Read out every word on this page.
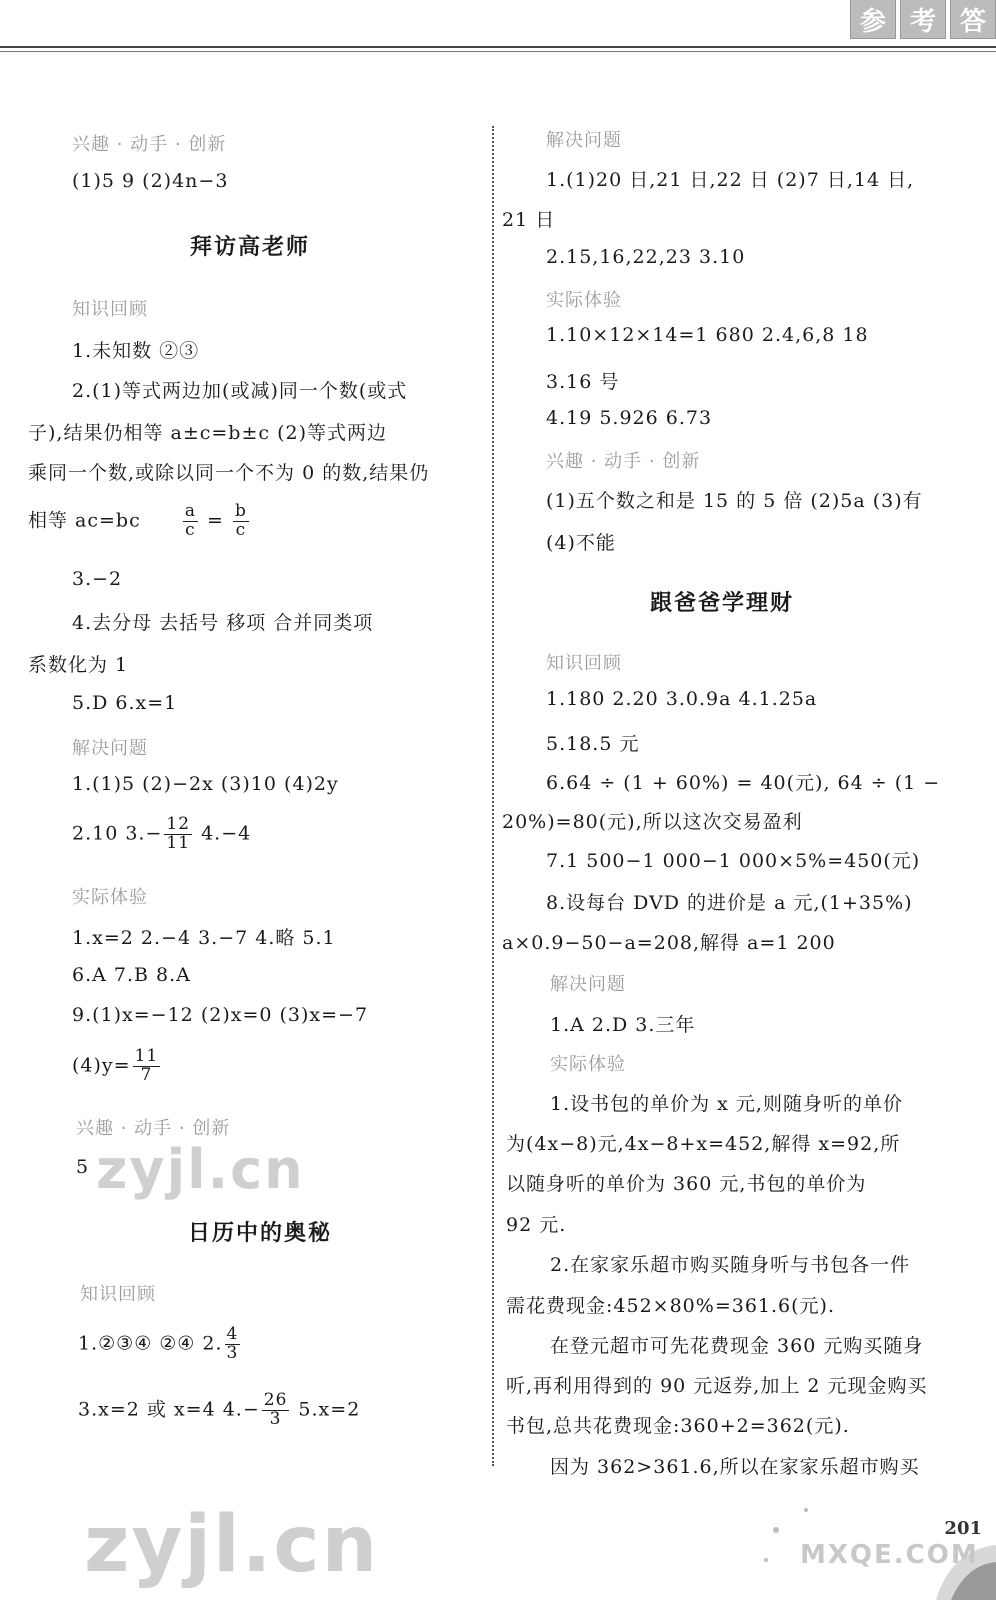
参 考 答
兴趣 · 动手 · 创新
(1)5 9 (2)4n−3
拜访高老师
知识回顾
1.未知数 ②③
2.(1)等式两边加(或减)同一个数(或式
子),结果仍相等 a±c=b±c (2)等式两边
乘同一个数,或除以同一个不为 0 的数,结果仍
相等 $ac=bc \frac{a}{c} = \frac{b}{c}$
3.−2
4.去分母 去括号 移项 合并同类项
系数化为 1
5.D 6.x=1
解决问题
1.(1)5 (2)−2x (3)10 (4)2y
2.10 $3.- \frac{12}{11} 4.-4$
实际体验
1.x=2 2.−4 3.−7 4.略 5.1
6.A 7.B 8.A
9.(1)x=−12 (2)x=0 (3)x=−7
$(4)y= \frac{11}{7}$
兴趣 · 动手 · 创新
5 zyjl.cn
日历中的奥秘
知识回顾
1.②③④ ②④ 2. $\frac{4}{3}$
3.x=2 或 x=4 $4.- \frac{26}{3} 5.x=2$
zyjl.cn
解决问题
1.(1)20 日,21 日,22 日 (2)7 日,14 日,
21 日
2.15,16,22,23 3.10
实际体验
1.10×12×14=1 680 2.4,6,8 18
3.16 号
4.19 5.926 6.73
兴趣 · 动手 · 创新
(1)五个数之和是 15 的 5 倍 (2)5a (3)有
(4)不能
跟爸爸学理财
知识回顾
1.180 2.20 3.0.9a 4.1.25a
5.18.5 元
6.64 ÷ (1 + 60%) = 40(元), 64 ÷ (1 −
20%)=80(元),所以这次交易盈利
7.1 500−1 000−1 000×5%=450(元)
8.设每台 DVD 的进价是 a 元,(1+35%)
a×0.9−50−a=208,解得 a=1 200
解决问题
1.A 2.D 3.三年
实际体验
1.设书包的单价为 x 元,则随身听的单价
为(4x−8)元,4x−8+x=452,解得 x=92,所
以随身听的单价为 360 元,书包的单价为
92 元.
2.在家家乐超市购买随身听与书包各一件
需花费现金:452×80%=361.6(元).
在登元超市可先花费现金 360 元购买随身
听,再利用得到的 90 元返券,加上 2 元现金购买
书包,总共花费现金:360+2=362(元).
因为 362>361.6,所以在家家乐超市购买
MXQE.COM
201
